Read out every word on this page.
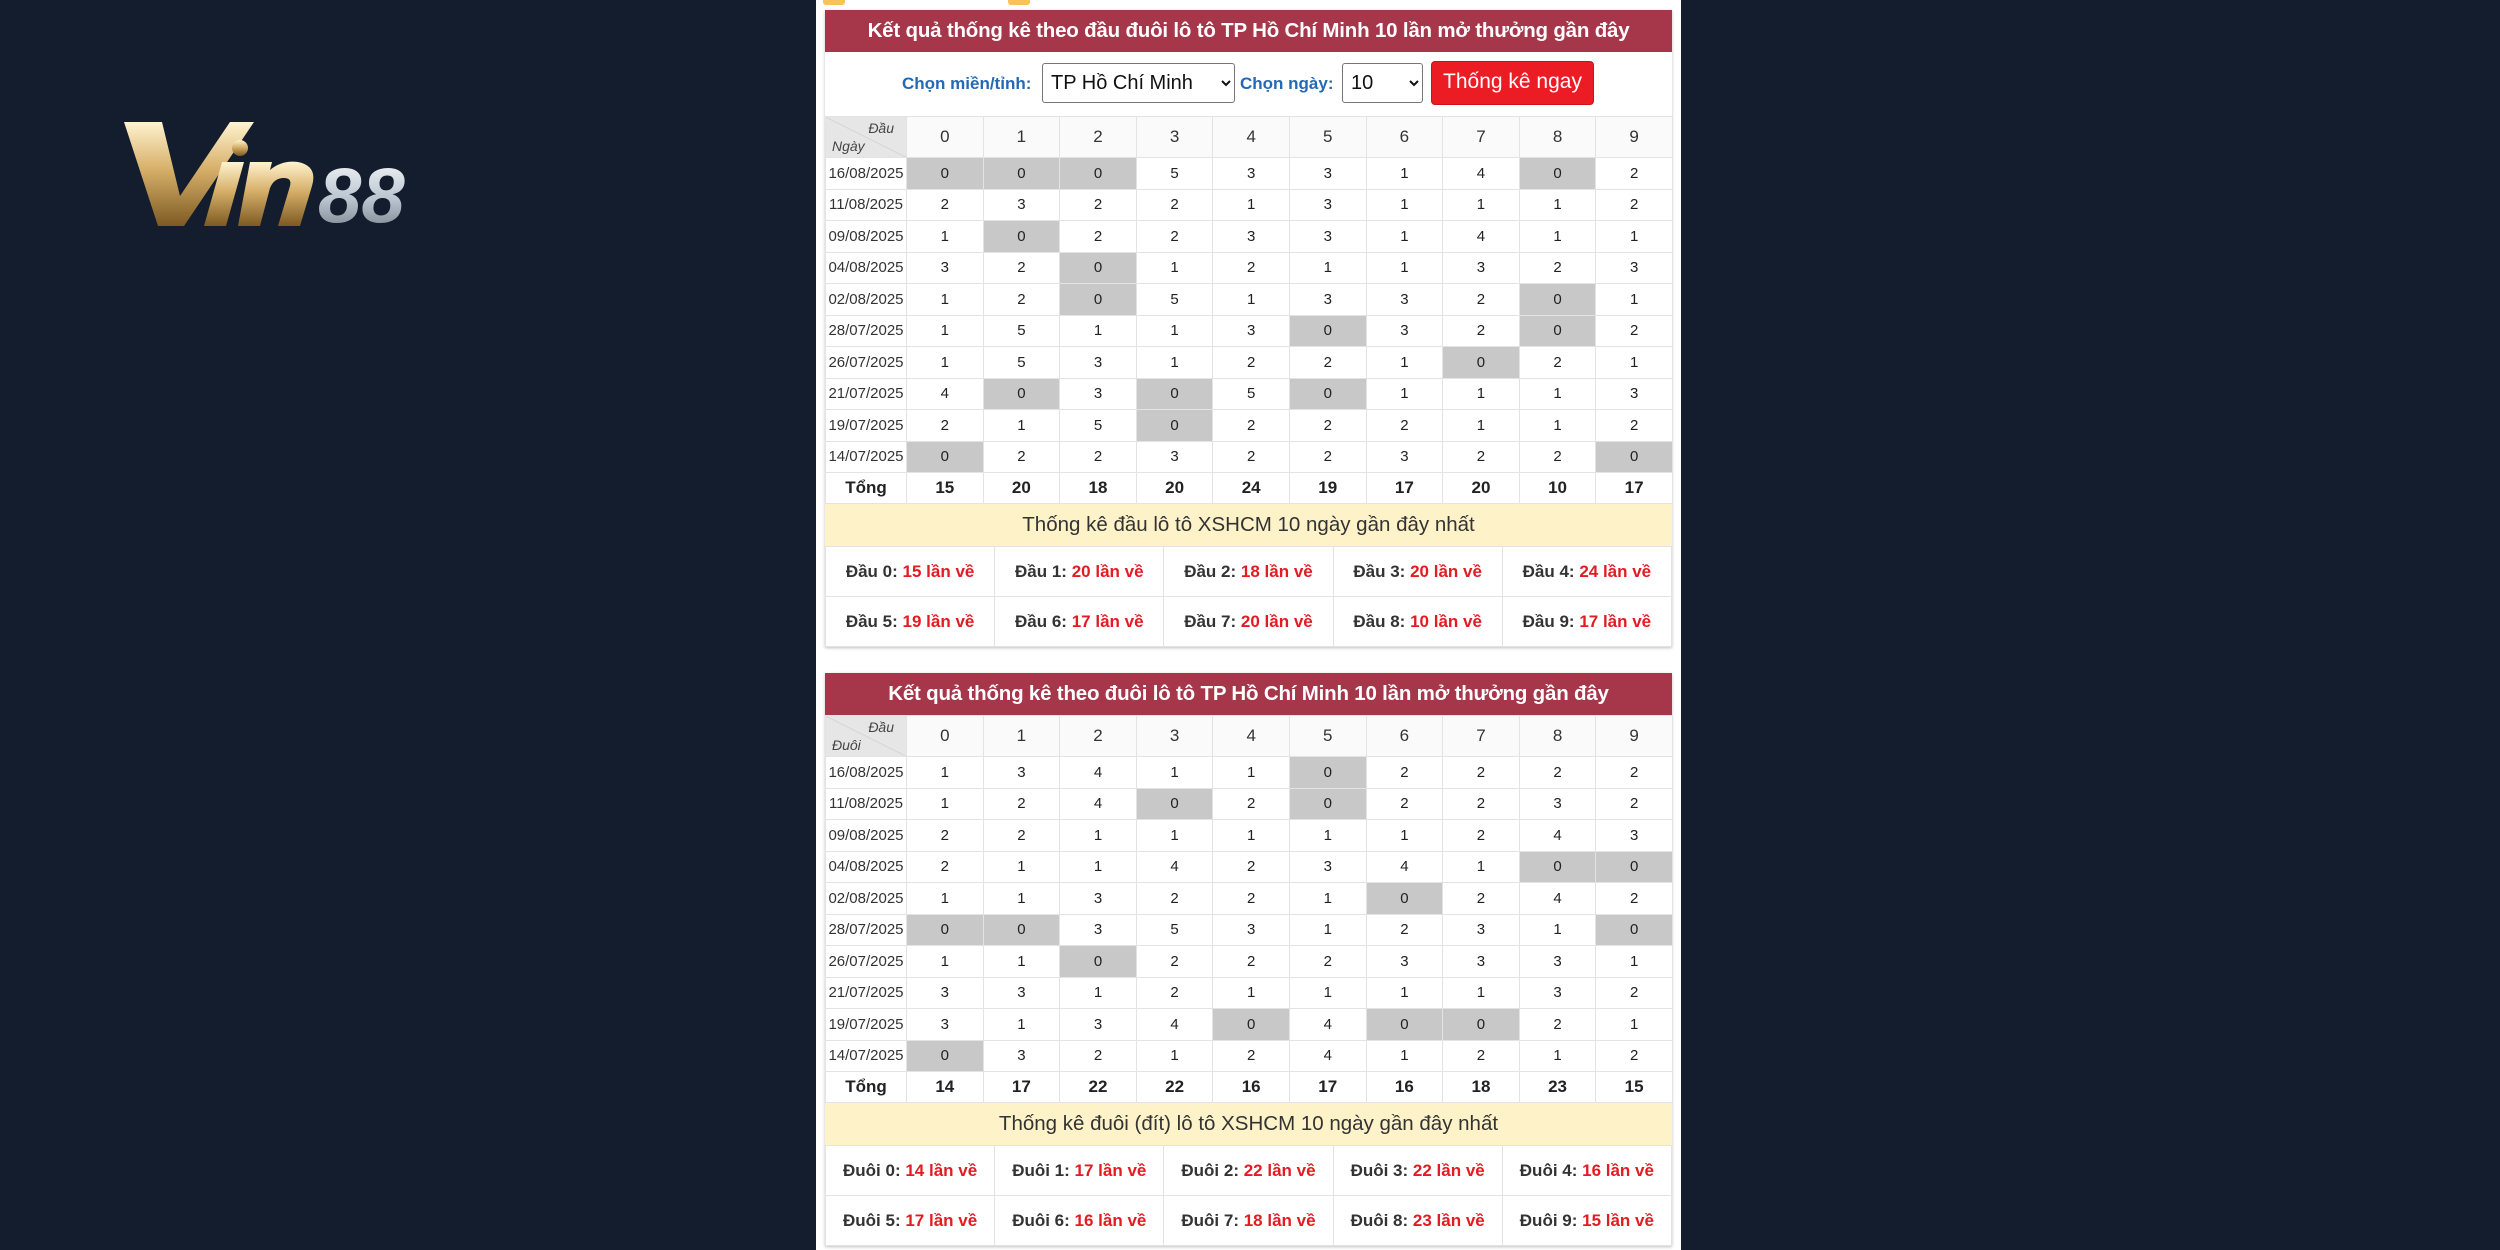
88
Kết quả thống kê theo đầu đuôi lô tô TP Hồ Chí Minh 10 lần mở thưởng gần đây
Chọn miền/tỉnh:
TP Hồ Chí Minh	Chọn ngày:
10	Thống kê ngay
Đầu
Ngày	0	1	2	3	4	5	6	7	8	9
16/08/2025	0	0	0	5	3	3	1	4	0	2
11/08/2025	2	3	2	2	1	3	1	1	1	2
09/08/2025	1	0	2	2	3	3	1	4	1	1
04/08/2025	3	2	0	1	2	1	1	3	2	3
02/08/2025	1	2	0	5	1	3	3	2	0	1
28/07/2025	1	5	1	1	3	0	3	2	0	2
26/07/2025	1	5	3	1	2	2	1	0	2	1
21/07/2025	4	0	3	0	5	0	1	1	1	3
19/07/2025	2	1	5	0	2	2	2	1	1	2
14/07/2025	0	2	2	3	2	2	3	2	2	0
Tổng	15	20	18	20	24	19	17	20	10	17
Thống kê đầu lô tô XSHCM 10 ngày gần đây nhất
Đầu 0: 15 lần về	Đầu 1: 20 lần về	Đầu 2: 18 lần về	Đầu 3: 20 lần về	Đầu 4: 24 lần về
Đầu 5: 19 lần về	Đầu 6: 17 lần về	Đầu 7: 20 lần về	Đầu 8: 10 lần về	Đầu 9: 17 lần về
Kết quả thống kê theo đuôi lô tô TP Hồ Chí Minh 10 lần mở thưởng gần đây
Đầu
Đuôi	0	1	2	3	4	5	6	7	8	9
16/08/2025	1	3	4	1	1	0	2	2	2	2
11/08/2025	1	2	4	0	2	0	2	2	3	2
09/08/2025	2	2	1	1	1	1	1	2	4	3
04/08/2025	2	1	1	4	2	3	4	1	0	0
02/08/2025	1	1	3	2	2	1	0	2	4	2
28/07/2025	0	0	3	5	3	1	2	3	1	0
26/07/2025	1	1	0	2	2	2	3	3	3	1
21/07/2025	3	3	1	2	1	1	1	1	3	2
19/07/2025	3	1	3	4	0	4	0	0	2	1
14/07/2025	0	3	2	1	2	4	1	2	1	2
Tổng	14	17	22	22	16	17	16	18	23	15
Thống kê đuôi (đít) lô tô XSHCM 10 ngày gần đây nhất
Đuôi 0: 14 lần về	Đuôi 1: 17 lần về	Đuôi 2: 22 lần về	Đuôi 3: 22 lần về	Đuôi 4: 16 lần về
Đuôi 5: 17 lần về	Đuôi 6: 16 lần về	Đuôi 7: 18 lần về	Đuôi 8: 23 lần về	Đuôi 9: 15 lần về
